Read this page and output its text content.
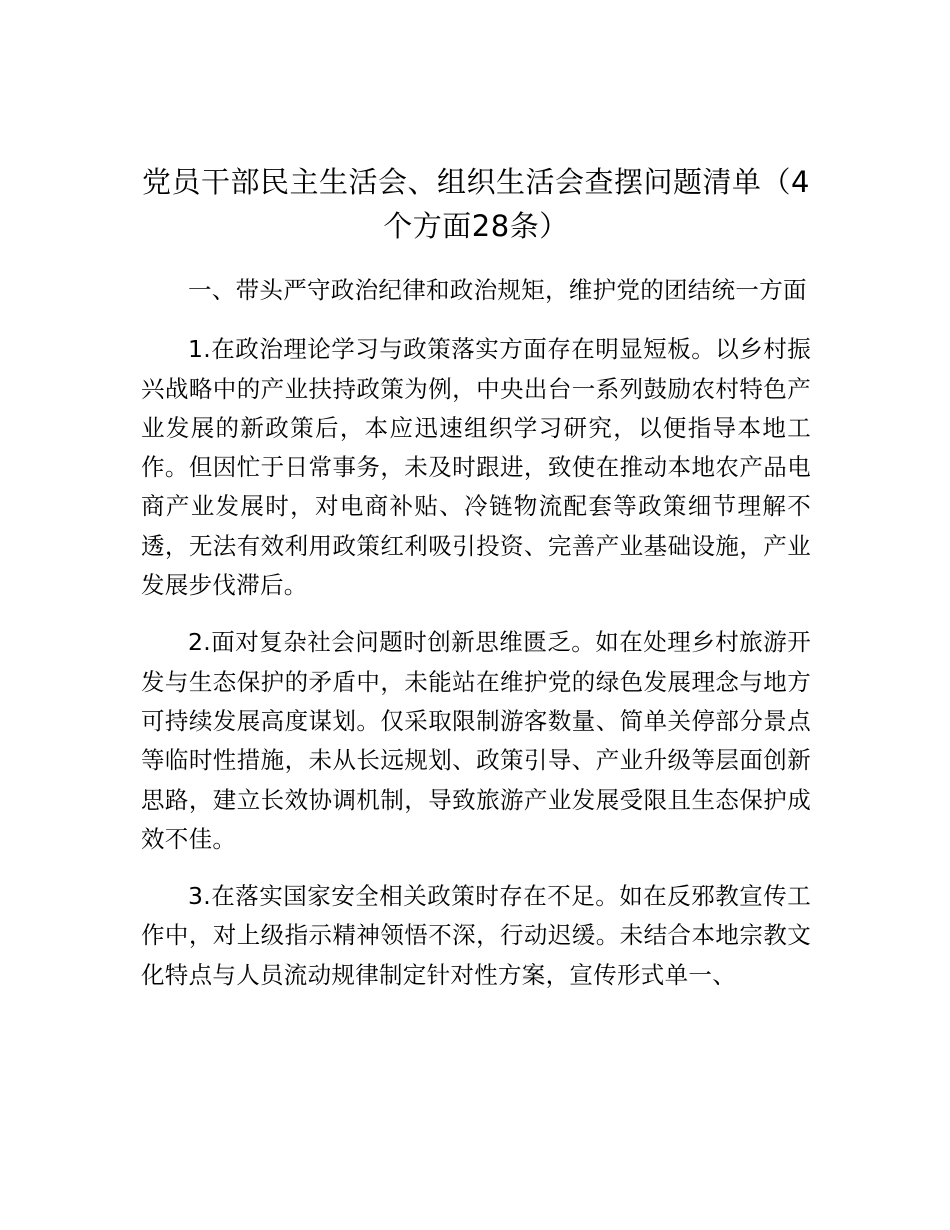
党员干部民主生活会、组织生活会查摆问题清单（4个方面28条）

一、带头严守政治纪律和政治规矩，维护党的团结统一方面

1.在政治理论学习与政策落实方面存在明显短板。以乡村振兴战略中的产业扶持政策为例，中央出台一系列鼓励农村特色产业发展的新政策后，本应迅速组织学习研究，以便指导本地工作。但因忙于日常事务，未及时跟进，致使在推动本地农产品电商产业发展时，对电商补贴、冷链物流配套等政策细节理解不透，无法有效利用政策红利吸引投资、完善产业基础设施，产业发展步伐滞后。

2.面对复杂社会问题时创新思维匮乏。如在处理乡村旅游开发与生态保护的矛盾中，未能站在维护党的绿色发展理念与地方可持续发展高度谋划。仅采取限制游客数量、简单关停部分景点等临时性措施，未从长远规划、政策引导、产业升级等层面创新思路，建立长效协调机制，导致旅游产业发展受限且生态保护成效不佳。

3.在落实国家安全相关政策时存在不足。如在反邪教宣传工作中，对上级指示精神领悟不深，行动迟缓。未结合本地宗教文化特点与人员流动规律制定针对性方案，宣传形式单一、
